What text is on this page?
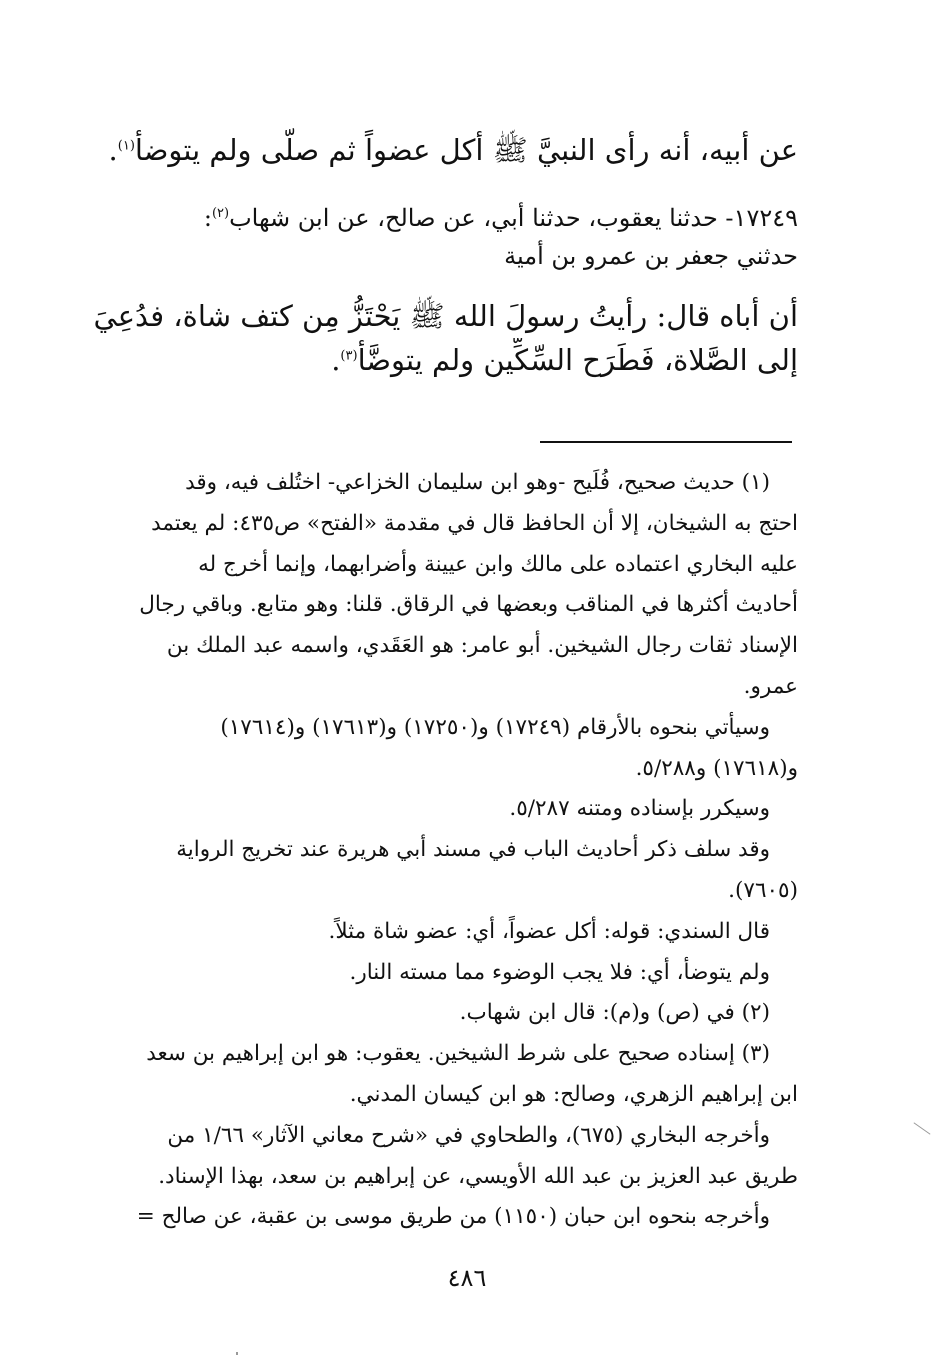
عن أبيه، أنه رأى النبيَّ ﷺ أكل عضواً ثم صلَّى ولم يتوضأ$^{(١)}$.

١٧٢٤٩- حدثنا يعقوب، حدثنا أبي، عن صالح، عن ابن شهاب$^{(٢)}$:

حدثني جعفر بن عمرو بن أمية

أن أباه قال: رأيتُ رسولَ الله ﷺ يَحْتَزُّ مِن كتف شاة، فدُعِيَ

إلى الصَّلاة، فَطَرَح السِّكِّين ولم يتوضَّأ$^{(٣)}$.

(١) حديث صحيح، فُلَيح -وهو ابن سليمان الخزاعي- اختُلف فيه، وقد

احتج به الشيخان، إلا أن الحافظ قال في مقدمة «الفتح» ص٤٣٥: لم يعتمد

عليه البخاري اعتماده على مالك وابن عيينة وأضرابهما، وإنما أخرج له

أحاديث أكثرها في المناقب وبعضها في الرقاق. قلنا: وهو متابع. وباقي رجال

الإسناد ثقات رجال الشيخين. أبو عامر: هو العَقَدي، واسمه عبد الملك بن

عمرو.

وسيأتي بنحوه بالأرقام (١٧٢٤٩) و(١٧٢٥٠) و(١٧٦١٣) و(١٧٦١٤)

و(١٧٦١٨) و٥/٢٨٨.

وسيكرر بإسناده ومتنه ٥/٢٨٧.

وقد سلف ذكر أحاديث الباب في مسند أبي هريرة عند تخريج الرواية

(٧٦٠٥).

قال السندي: قوله: أكل عضواً، أي: عضو شاة مثلاً.

ولم يتوضأ، أي: فلا يجب الوضوء مما مسته النار.

(٢) في (ص) و(م): قال ابن شهاب.

(٣) إسناده صحيح على شرط الشيخين. يعقوب: هو ابن إبراهيم بن سعد

ابن إبراهيم الزهري، وصالح: هو ابن كيسان المدني.

وأخرجه البخاري (٦٧٥)، والطحاوي في «شرح معاني الآثار» ١/٦٦ من

طريق عبد العزيز بن عبد الله الأويسي، عن إبراهيم بن سعد، بهذا الإسناد.

وأخرجه بنحوه ابن حبان (١١٥٠) من طريق موسى بن عقبة، عن صالح =

٤٨٦
